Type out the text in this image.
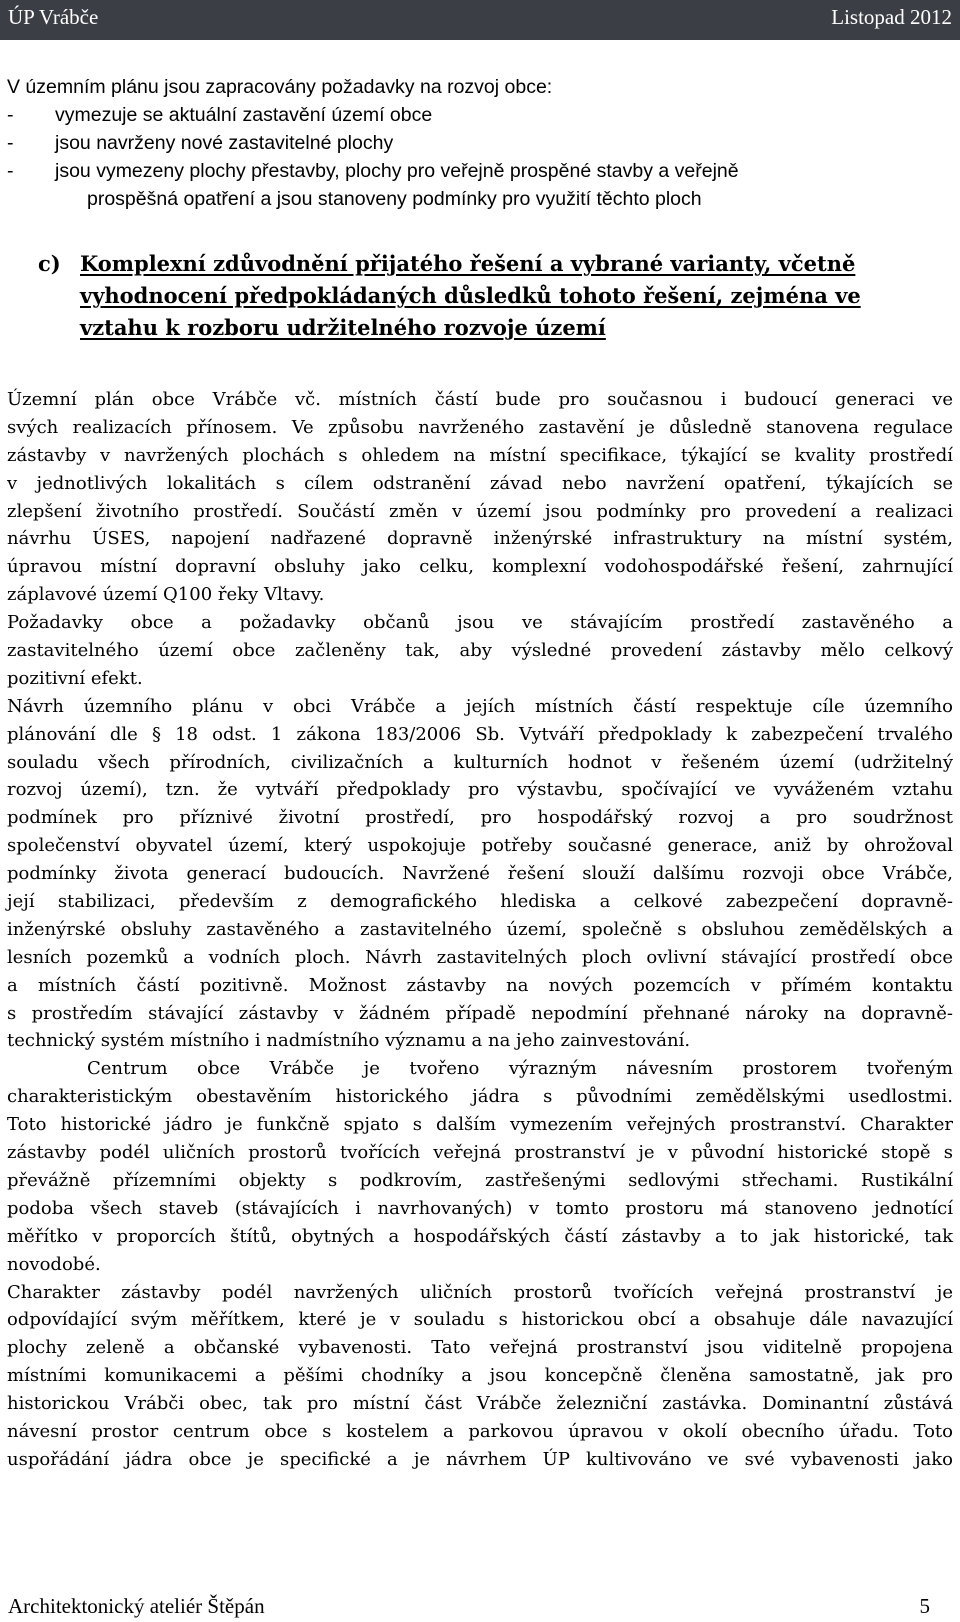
ÚP Vrábče	Listopad 2012
V územním plánu jsou zapracovány požadavky na rozvoj obce:
- vymezuje se aktuální zastavění území obce
- jsou navrženy nové zastavitelné plochy
- jsou vymezeny plochy přestavby, plochy pro veřejně prospěné stavby a veřejně
prospěšná opatření a jsou stanoveny podmínky pro využití těchto ploch
c) Komplexní zdůvodnění přijatého řešení a vybrané varianty, včetně
vyhodnocení předpokládaných důsledků tohoto řešení, zejména ve
vztahu k rozboru udržitelného rozvoje území
Územní plán obce Vrábče vč. místních částí bude pro současnou i budoucí generaci ve
svých realizacích přínosem. Ve způsobu navrženého zastavění je důsledně stanovena regulace
zástavby v navržených plochách s ohledem na místní specifikace, týkající se kvality prostředí
v jednotlivých lokalitách s cílem odstranění závad nebo navržení opatření, týkajících se
zlepšení životního prostředí. Součástí změn v území jsou podmínky pro provedení a realizaci
návrhu ÚSES, napojení nadřazené dopravně inženýrské infrastruktury na místní systém,
úpravou místní dopravní obsluhy jako celku, komplexní vodohospodářské řešení, zahrnující
záplavové území Q100 řeky Vltavy.
Požadavky obce a požadavky občanů jsou ve stávajícím prostředí zastavěného a
zastavitelného území obce začleněny tak, aby výsledné provedení zástavby mělo celkový
pozitivní efekt.
Návrh územního plánu v obci Vrábče a jejích místních částí respektuje cíle územního
plánování dle § 18 odst. 1 zákona 183/2006 Sb. Vytváří předpoklady k zabezpečení trvalého
souladu všech přírodních, civilizačních a kulturních hodnot v řešeném území (udržitelný
rozvoj území), tzn. že vytváří předpoklady pro výstavbu, spočívající ve vyváženém vztahu
podmínek pro příznivé životní prostředí, pro hospodářský rozvoj a pro soudržnost
společenství obyvatel území, který uspokojuje potřeby současné generace, aniž by ohrožoval
podmínky života generací budoucích. Navržené řešení slouží dalšímu rozvoji obce Vrábče,
její stabilizaci, především z demografického hlediska a celkové zabezpečení dopravně-
inženýrské obsluhy zastavěného a zastavitelného území, společně s obsluhou zemědělských a
lesních pozemků a vodních ploch. Návrh zastavitelných ploch ovlivní stávající prostředí obce
a místních částí pozitivně. Možnost zástavby na nových pozemcích v přímém kontaktu
s prostředím stávající zástavby v žádném případě nepodmíní přehnané nároky na dopravně-
technický systém místního i nadmístního významu a na jeho zainvestování.
Centrum obce Vrábče je tvořeno výrazným návesním prostorem tvořeným
charakteristickým obestavěním historického jádra s původními zemědělskými usedlostmi.
Toto historické jádro je funkčně spjato s dalším vymezením veřejných prostranství. Charakter
zástavby podél uličních prostorů tvořících veřejná prostranství je v původní historické stopě s
převážně přízemními objekty s podkrovím, zastřešenými sedlovými střechami. Rustikální
podoba všech staveb (stávajících i navrhovaných) v tomto prostoru má stanoveno jednotící
měřítko v proporcích štítů, obytných a hospodářských částí zástavby a to jak historické, tak
novodobé.
Charakter zástavby podél navržených uličních prostorů tvořících veřejná prostranství je
odpovídající svým měřítkem, které je v souladu s historickou obcí a obsahuje dále navazující
plochy zeleně a občanské vybavenosti. Tato veřejná prostranství jsou viditelně propojena
místními komunikacemi a pěšími chodníky a jsou koncepčně členěna samostatně, jak pro
historickou Vrábči obec, tak pro místní část Vrábče železniční zastávka. Dominantní zůstává
návesní prostor centrum obce s kostelem a parkovou úpravou v okolí obecního úřadu. Toto
uspořádání jádra obce je specifické a je návrhem ÚP kultivováno ve své vybavenosti jako
Architektonický ateliér Štěpán	5
